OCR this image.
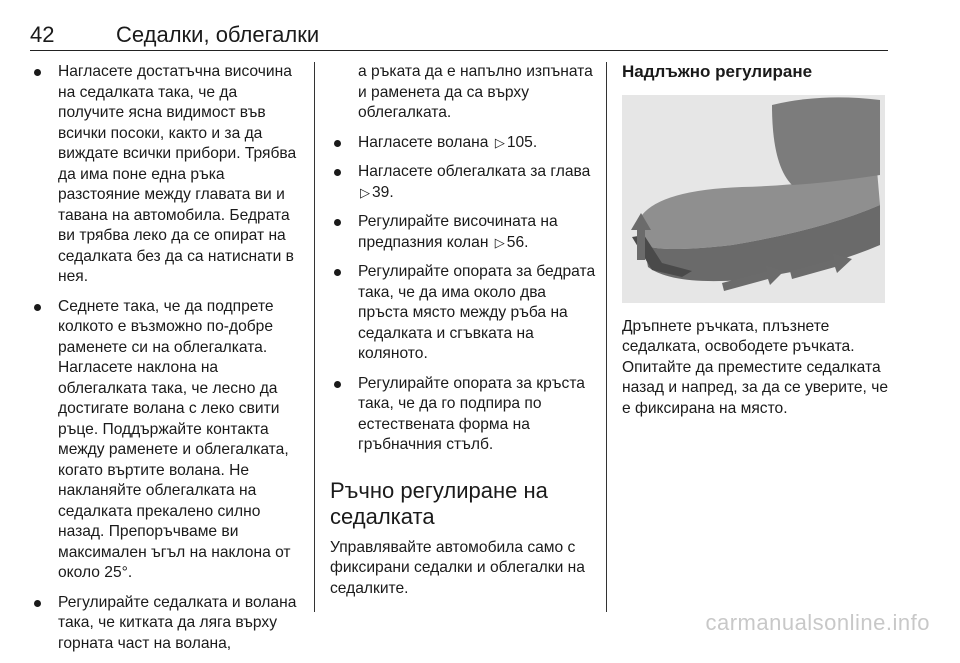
42	Седалки, облегалки
Нагласете достатъчна височина на седалката така, че да получите ясна видимост във всички посоки, както и за да виждате всички прибори. Трябва да има поне една ръка разстояние между главата ви и тавана на автомобила. Бедрата ви трябва леко да се опират на седалката без да са натиснати в нея.
Седнете така, че да подпрете колкото е възможно по-добре раменете си на облегалката. Нагласете наклона на облегалката така, че лесно да достигате волана с леко свити ръце. Поддържайте контакта между раменете и облегалката, когато въртите волана. Не накланяйте облегалката на седалката прекалено силно назад. Препоръчваме ви максимален ъгъл на наклона от около 25°.
Регулирайте седалката и волана така, че китката да ляга върху горната част на волана,
а ръката да е напълно изпъната и раменета да са върху облегалката.
Нагласете волана ▷ 105.
Нагласете облегалката за глава ▷ 39.
Регулирайте височината на предпазния колан ▷ 56.
Регулирайте опората за бедрата така, че да има около два пръста място между ръба на седалката и сгъвката на коляното.
Регулирайте опората за кръста така, че да го подпира по естествената форма на гръбначния стълб.
Ръчно регулиране на седалката

Управлявайте автомобила само с фиксирани седалки и облегалки на седалките.

Надлъжно регулиране

Дръпнете ръчката, плъзнете седалката, освободете ръчката. Опитайте да преместите седалката назад и напред, за да се уверите, че е фиксирана на място.

carmanualsonline.info
